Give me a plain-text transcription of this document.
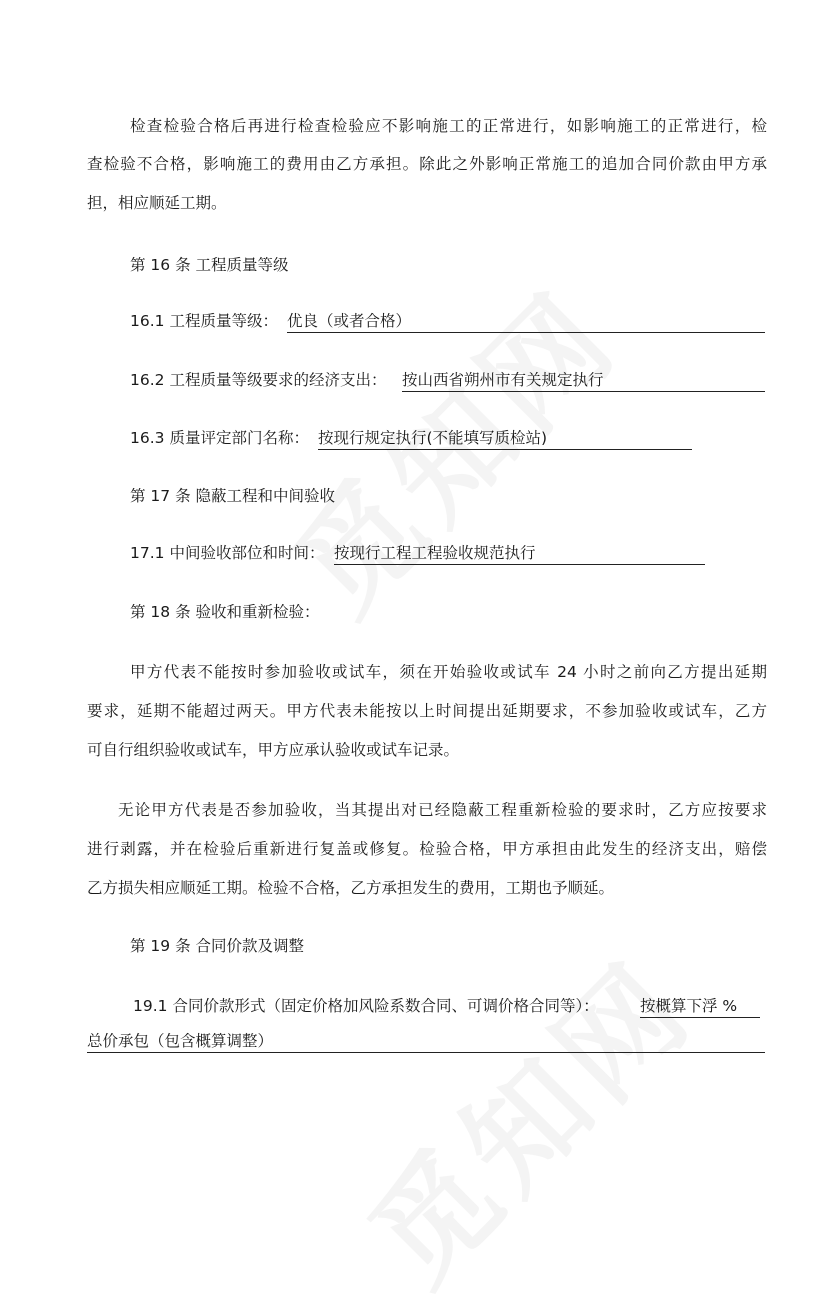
检查检验合格后再进行检查检验应不影响施工的正常进行，如影响施工的正常进行，检
查检验不合格，影响施工的费用由乙方承担。除此之外影响正常施工的追加合同价款由甲方承
担，相应顺延工期。
第 16 条 工程质量等级
16.1 工程质量等级： 优良（或者合格）
16.2 工程质量等级要求的经济支出： 按山西省朔州市有关规定执行
16.3 质量评定部门名称： 按现行规定执行(不能填写质检站)
第 17 条 隐蔽工程和中间验收
17.1 中间验收部位和时间： 按现行工程工程验收规范执行
第 18 条 验收和重新检验：
甲方代表不能按时参加验收或试车，须在开始验收或试车 24 小时之前向乙方提出延期
要求，延期不能超过两天。甲方代表未能按以上时间提出延期要求，不参加验收或试车，乙方
可自行组织验收或试车，甲方应承认验收或试车记录。
无论甲方代表是否参加验收，当其提出对已经隐蔽工程重新检验的要求时，乙方应按要求
进行剥露，并在检验后重新进行复盖或修复。检验合格，甲方承担由此发生的经济支出，赔偿
乙方损失相应顺延工期。检验不合格，乙方承担发生的费用，工期也予顺延。
第 19 条 合同价款及调整
19.1 合同价款形式（固定价格加风险系数合同、可调价格合同等）：	按概算下浮 %
总价承包（包含概算调整）
